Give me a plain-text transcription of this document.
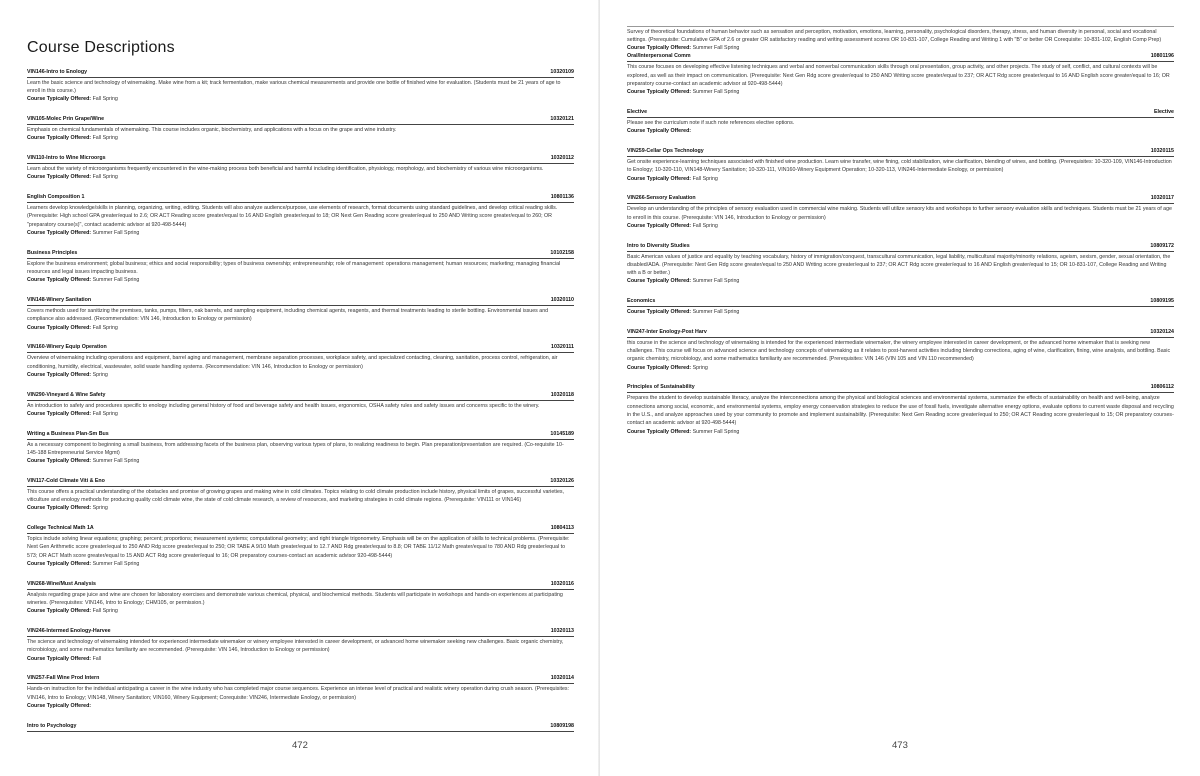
Course Descriptions
VIN146-Intro to Enology	10320109
Learn the basic science and technology of winemaking. Make wine from a kit; track fermentation, make various chemical measurements and provide one bottle of finished wine for evaluation. (Students must be 21 years of age to enroll in this course.)
Course Typically Offered: Fall Spring
VIN105-Molec Prin Grape/Wine	10320121
Emphasis on chemical fundamentals of winemaking. This course includes organic, biochemistry, and applications with a focus on the grape and wine industry.
Course Typically Offered: Fall Spring
VIN110-Intro to Wine Microorgs	10320112
Learn about the variety of microorganisms frequently encountered in the wine-making process both beneficial and harmful including identification, physiology, morphology, and biochemistry of various wine microorganisms.
Course Typically Offered: Fall Spring
English Composition 1	10801136
Learners develop knowledge/skills in planning, organizing, writing, editing. Students will also analyze audience/purpose, use elements of research, format documents using standard guidelines, and develop critical reading skills. (Prerequisite: High school GPA greater/equal to 2.6; OR ACT Reading score greater/equal to 16 AND English greater/equal to 18; OR Next Gen Reading score greater/equal to 250 AND Writing score greater/equal to 260; OR "preparatory course(s)", contact academic advisor at 920-498-5444)
Course Typically Offered: Summer Fall Spring
Business Principles	10102158
Explore the business environment; global business; ethics and social responsibility; types of business ownership; entrepreneurship; role of management: operations management; human resources; marketing; managing financial resources and legal issues impacting business.
Course Typically Offered: Summer Fall Spring
VIN148-Winery Sanitation	10320110
Covers methods used for sanitizing the premises, tanks, pumps, filters, oak barrels, and sampling equipment, including chemical agents, reagents, and thermal treatments leading to sterile bottling. Environmental issues and compliance also addressed. (Recommendation: VIN 146, Introduction to Enology or permission)
Course Typically Offered: Fall Spring
VIN160-Winery Equip Operation	10320111
Overview of winemaking including operations and equipment, barrel aging and management, membrane separation processes, workplace safety, and specialized contacting, cleaning, sanitation, process control, refrigeration, air conditioning, humidity, electrical, wastewater, solid waste handling systems. (Recommendation: VIN 146, Introduction to Enology or permission)
Course Typically Offered: Spring
VIN290-Vineyard & Wine Safety	10320118
An introduction to safety and procedures specific to enology including general history of food and beverage safety and health issues, ergonomics, OSHA safety rules and safety issues and concerns specific to the winery.
Course Typically Offered: Fall Spring
Writing a Business Plan-Sm Bus	10145189
As a necessary component to beginning a small business, from addressing facets of the business plan, observing various types of plans, to realizing readiness to begin. Plan preparation/presentation are required. (Co-requisite 10-145-188 Entrepreneurial Service Mgmt)
Course Typically Offered: Summer Fall Spring
VIN117-Cold Climate Viti & Eno	10320126
This course offers a practical understanding of the obstacles and promise of growing grapes and making wine in cold climates. Topics relating to cold climate production include history, physical limits of grapes, successful varieties, viticulture and enology methods for producing quality cold climate wine, the state of cold climate research, a review of resources, and marketing strategies in cold climate regions. (Prerequisite: VIN111 or VIN146)
Course Typically Offered: Spring
College Technical Math 1A	10804113
Topics include solving linear equations; graphing; percent; proportions; measurement systems; computational geometry; and right triangle trigonometry. Emphasis will be on the application of skills to technical problems. (Prerequisite: Next Gen Arithmetic score greater/equal to 250 AND Rdg score greater/equal to 250; OR TABE A 9/10 Math greater/equal to 12.7 AND Rdg greater/equal to 8.8; OR TABE 11/12 Math greater/equal to 780 AND Rdg greater/equal to 573; OR ACT Math score greater/equal to 15 AND ACT Rdg score greater/equal to 16; OR preparatory courses-contact an academic advisor 920-498-5444)
Course Typically Offered: Summer Fall Spring
VIN268-Wine/Must Analysis	10320116
Analysis regarding grape juice and wine are chosen for laboratory exercises and demonstrate various chemical, physical, and biochemical methods. Students will participate in workshops and hands-on experiences at participating wineries. (Prerequisites: VIN146, Intro to Enology; CHM105, or permission.)
Course Typically Offered: Fall Spring
VIN246-Intermed Enology-Harvee	10320113
The science and technology of winemaking intended for experienced intermediate winemaker or winery employee interested in career development, or advanced home winemaker seeking new challenges. Basic organic chemistry, microbiology, and some mathematics familiarity are recommended. (Prerequisite: VIN 146, Introduction to Enology or permission)
Course Typically Offered: Fall
VIN257-Fall Wine Prod Intern	10320114
Hands-on instruction for the individual anticipating a career in the wine industry who has completed major course sequences. Experience an intense level of practical and realistic winery operation during crush season. (Prerequisites: VIN146, Intro to Enology; VIN148, Winery Sanitation; VIN160, Winery Equipment; Corequisite: VIN246, Intermediate Enology, or permission)
Course Typically Offered:
Intro to Psychology	10809198
472
Survey of theoretical foundations of human behavior such as sensation and perception, motivation, emotions, learning, personality, psychological disorders, therapy, stress, and human diversity in personal, social and vocational settings. (Prerequisite: Cumulative GPA of 2.6 or greater OR satisfactory reading and writing assessment scores OR 10-831-107, College Reading and Writing 1 with "B" or better OR Corequisite: 10-831-102, English Comp Prep)
Course Typically Offered: Summer Fall Spring
Oral/Interpersonal Comm	10801196
This course focuses on developing effective listening techniques and verbal and nonverbal communication skills through oral presentation, group activity, and other projects. The study of self, conflict, and cultural contexts will be explored, as well as their impact on communication. (Prerequisite: Next Gen Rdg score greater/equal to 250 AND Writing score greater/equal to 237; OR ACT Rdg score greater/equal to 16 AND English score greater/equal to 16; OR preparatory course-contact an academic advisor at 920-498-5444)
Course Typically Offered: Summer Fall Spring
Elective	Elective
Please see the curriculum note if such note references elective options.
Course Typically Offered:
VIN259-Cellar Ops Technology	10320115
Get onsite experience-learning techniques associated with finished wine production. Learn wine transfer, wine fining, cold stabilization, wine clarification, blending of wines, and bottling. (Prerequisites: 10-320-109, VIN146-Introduction to Enology; 10-320-110, VIN148-Winery Sanitation; 10-320-111, VIN160-Winery Equipment Operation; 10-320-113, VIN246-Intermediate Enology, or permission)
Course Typically Offered: Fall Spring
VIN266-Sensory Evaluation	10320117
Develop an understanding of the principles of sensory evaluation used in commercial wine making. Students will utilize sensory kits and workshops to further sensory evaluation skills and techniques. Students must be 21 years of age to enroll in this course. (Prerequisite: VIN 146, Introduction to Enology or permission)
Course Typically Offered: Fall Spring
Intro to Diversity Studies	10809172
Basic American values of justice and equality by teaching vocabulary, history of immigration/conquest, transcultural communication, legal liability, multicultural majority/minority relations, ageism, sexism, gender, sexual orientation, the disabled/ADA. (Prerequisite: Next Gen Rdg score greater/equal to 250 AND Writing score greater/equal to 237; OR ACT Rdg score greater/equal to 16 AND English greater/equal to 15; OR 10-831-107, College Reading and Writing with a B or better.)
Course Typically Offered: Summer Fall Spring
Economics	10809195
Course Typically Offered: Summer Fall Spring
VIN247-Inter Enology-Post Harv	10320124
this course in the science and technology of winemaking is intended for the experienced intermediate winemaker, the winery employee interested in career development, or the advanced home winemaker that is seeking new challenges. This course will focus on advanced science and technology concepts of winemaking as it relates to post-harvest activities including blending corrections, aging of wine, clarification, fining, wine analysis, and bottling. Basic organic chemistry, microbiology, and some mathematics familiarity are recommended. [Prerequisites: VIN 146 (VIN 105 and VIN 110 recommended)
Course Typically Offered: Spring
Principles of Sustainability	10806112
Prepares the student to develop sustainable literacy, analyze the interconnections among the physical and biological sciences and environmental systems, summarize the effects of sustainability on health and well-being, analyze connections among social, economic, and environmental systems, employ energy conservation strategies to reduce the use of fossil fuels, investigate alternative energy options, evaluate options to current waste disposal and recycling in the U.S., and analyze approaches used by your community to promote and implement sustainability. (Prerequisite: Next Gen Reading score greater/equal to 250; OR ACT Reading score greater/equal to 15; OR preparatory courses-contact an academic advisor at 920-498-5444)
Course Typically Offered: Summer Fall Spring
473
